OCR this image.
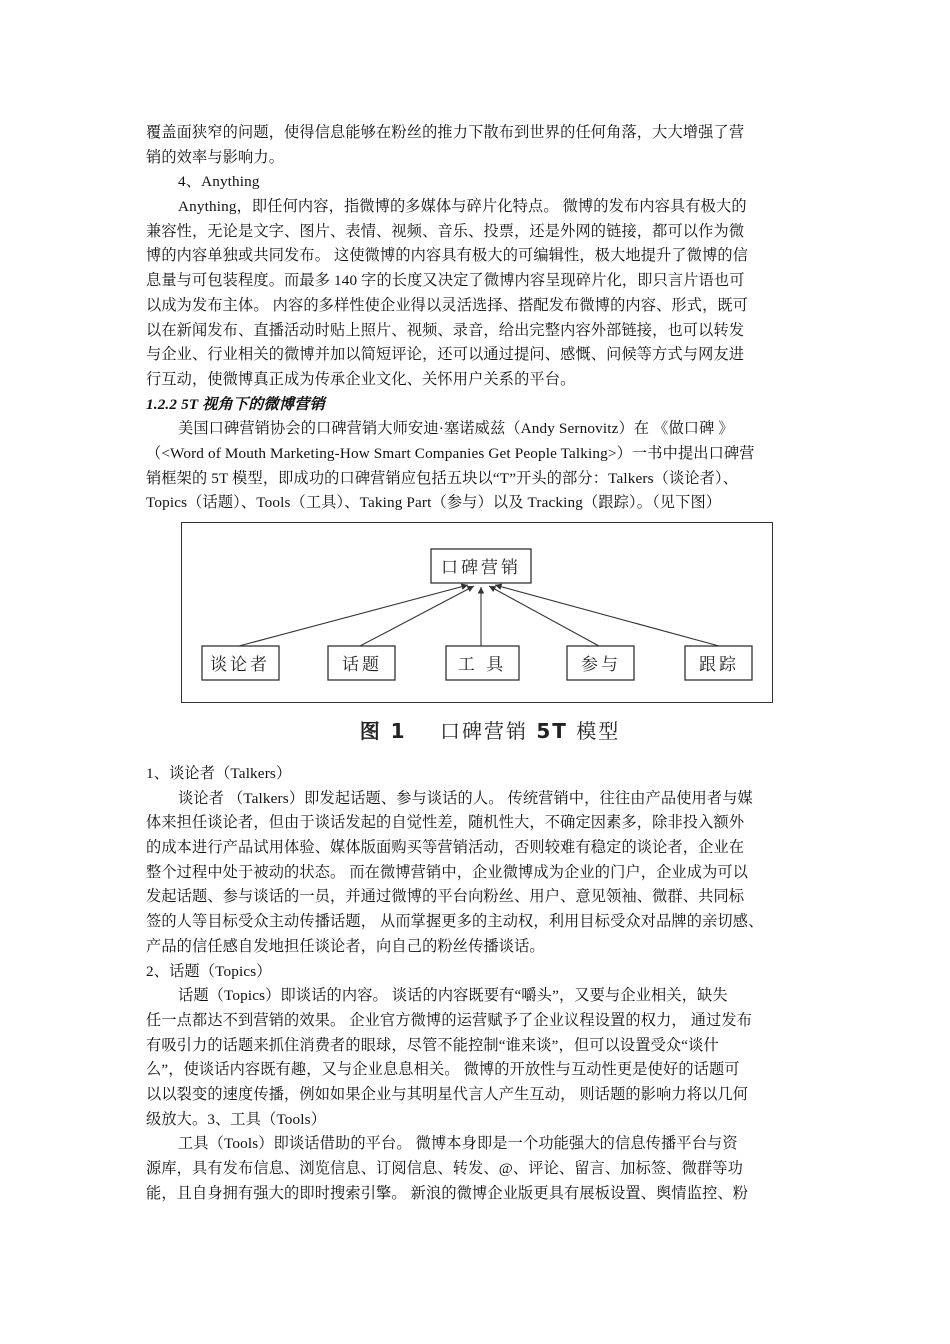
覆盖面狭窄的问题，使得信息能够在粉丝的推力下散布到世界的任何角落，大大增强了营
销的效率与影响力。
4、Anything
Anything，即任何内容，指微博的多媒体与碎片化特点。 微博的发布内容具有极大的
兼容性，无论是文字、图片、表情、视频、音乐、投票，还是外网的链接，都可以作为微
博的内容单独或共同发布。 这使微博的内容具有极大的可编辑性，极大地提升了微博的信
息量与可包装程度。而最多 140 字的长度又决定了微博内容呈现碎片化，即只言片语也可
以成为发布主体。 内容的多样性使企业得以灵活选择、搭配发布微博的内容、形式，既可
以在新闻发布、直播活动时贴上照片、视频、录音，给出完整内容外部链接，也可以转发
与企业、行业相关的微博并加以简短评论，还可以通过提问、感慨、问候等方式与网友进
行互动，使微博真正成为传承企业文化、关怀用户关系的平台。
1.2.2 5T 视角下的微博营销
美国口碑营销协会的口碑营销大师安迪·塞诺威兹（Andy Sernovitz）在 《做口碑 》
（<Word of Mouth Marketing-How Smart Companies Get People Talking>）一书中提出口碑营
销框架的 5T 模型，即成功的口碑营销应包括五块以“T”开头的部分：Talkers（谈论者）、
Topics（话题）、Tools（工具）、Taking Part（参与）以及 Tracking（跟踪）。（见下图）
口碑营销
谈论者	话题	工 具	参与	跟踪
图 1 口碑营销 5T 模型
1、谈论者（Talkers）
谈论者 （Talkers）即发起话题、参与谈话的人。 传统营销中，往往由产品使用者与媒
体来担任谈论者，但由于谈话发起的自觉性差，随机性大，不确定因素多，除非投入额外
的成本进行产品试用体验、媒体版面购买等营销活动，否则较难有稳定的谈论者，企业在
整个过程中处于被动的状态。 而在微博营销中，企业微博成为企业的门户，企业成为可以
发起话题、参与谈话的一员，并通过微博的平台向粉丝、用户、意见领袖、微群、共同标
签的人等目标受众主动传播话题， 从而掌握更多的主动权，利用目标受众对品牌的亲切感、
产品的信任感自发地担任谈论者，向自己的粉丝传播谈话。
2、话题（Topics）
话题（Topics）即谈话的内容。 谈话的内容既要有“嚼头”，又要与企业相关，缺失
任一点都达不到营销的效果。 企业官方微博的运营赋予了企业议程设置的权力， 通过发布
有吸引力的话题来抓住消费者的眼球，尽管不能控制“谁来谈”，但可以设置受众“谈什
么”，使谈话内容既有趣，又与企业息息相关。 微博的开放性与互动性更是使好的话题可
以以裂变的速度传播，例如如果企业与其明星代言人产生互动， 则话题的影响力将以几何
级放大。3、工具（Tools）
工具（Tools）即谈话借助的平台。 微博本身即是一个功能强大的信息传播平台与资
源库，具有发布信息、浏览信息、订阅信息、转发、@、评论、留言、加标签、微群等功
能，且自身拥有强大的即时搜索引擎。 新浪的微博企业版更具有展板设置、舆情监控、粉
